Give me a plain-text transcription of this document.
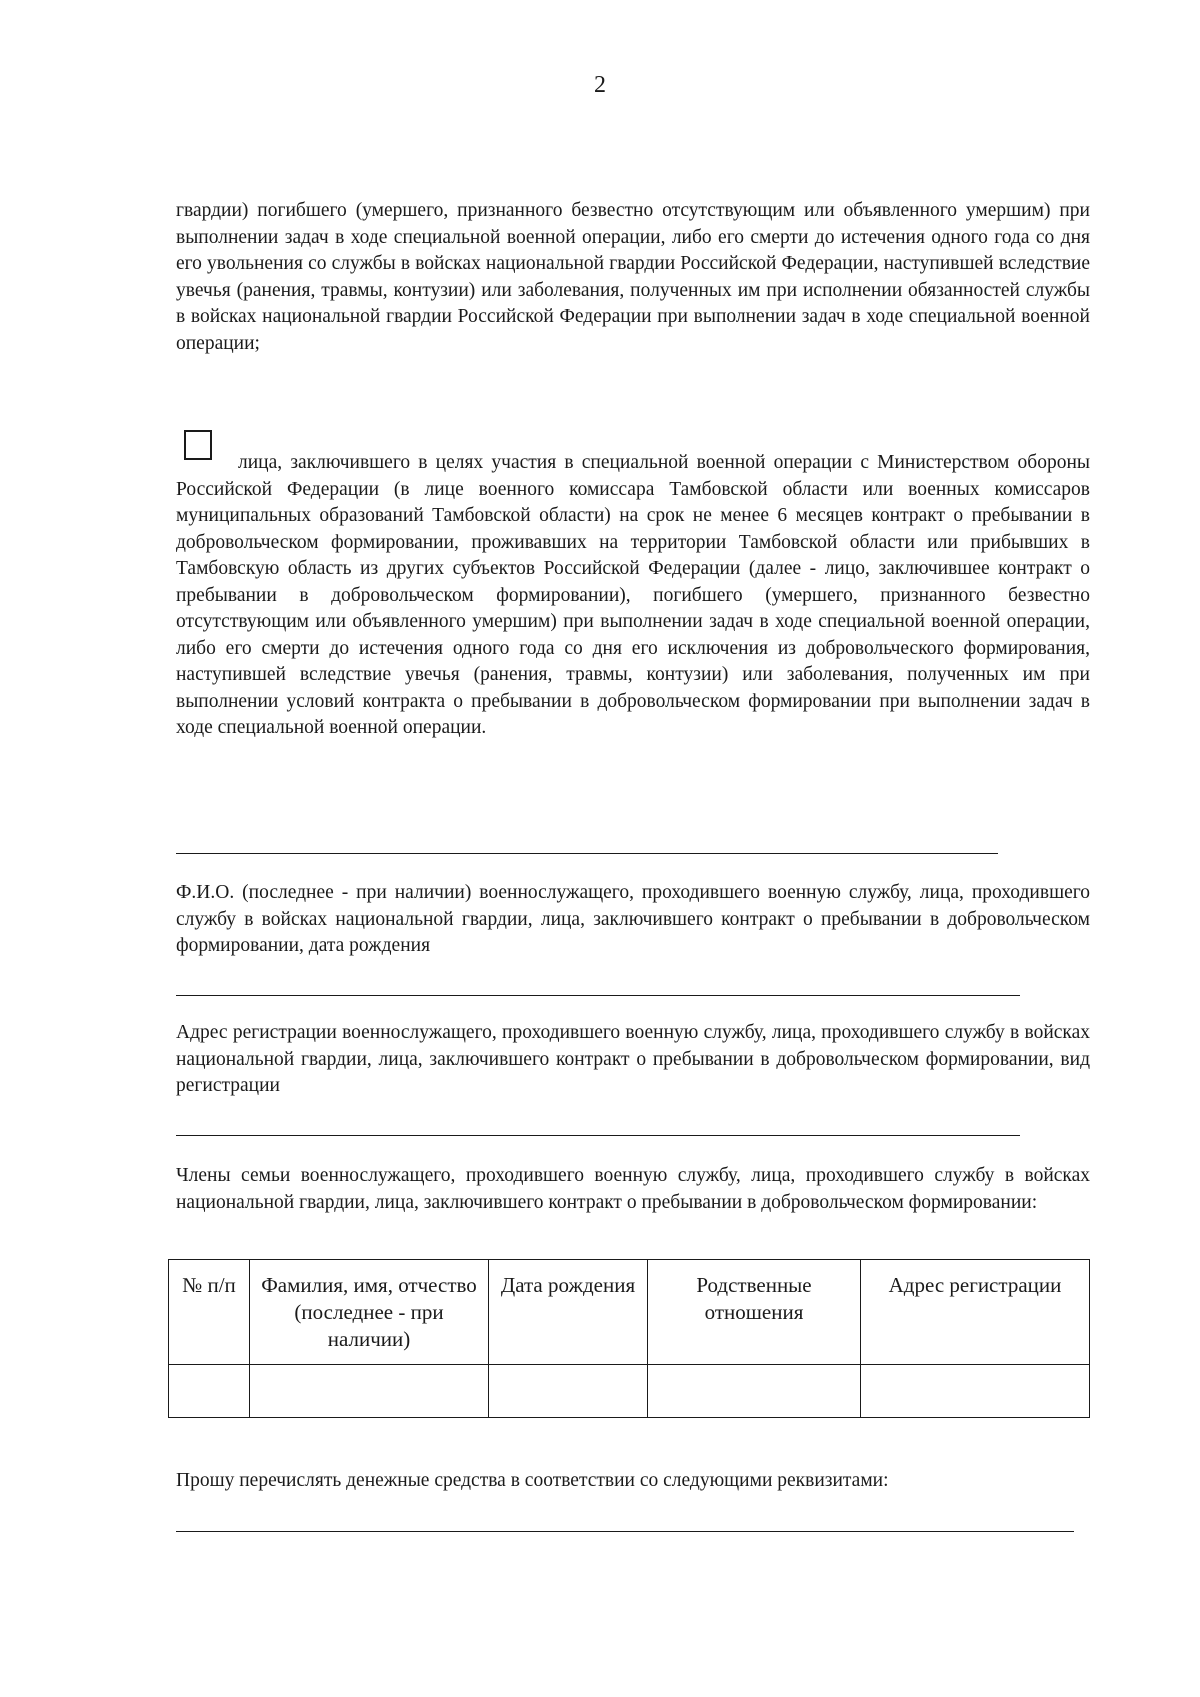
2

гвардии) погибшего (умершего, признанного безвестно отсутствующим или объявленного умершим) при выполнении задач в ходе специальной военной операции, либо его смерти до истечения одного года со дня его увольнения со службы в войсках национальной гвардии Российской Федерации, наступившей вследствие увечья (ранения, травмы, контузии) или заболевания, полученных им при исполнении обязанностей службы в войсках национальной гвардии Российской Федерации при выполнении задач в ходе специальной военной операции;

лица, заключившего в целях участия в специальной военной операции с Министерством обороны Российской Федерации (в лице военного комиссара Тамбовской области или военных комиссаров муниципальных образований Тамбовской области) на срок не менее 6 месяцев контракт о пребывании в добровольческом формировании, проживавших на территории Тамбовской области или прибывших в Тамбовскую область из других субъектов Российской Федерации (далее - лицо, заключившее контракт о пребывании в добровольческом формировании), погибшего (умершего, признанного безвестно отсутствующим или объявленного умершим) при выполнении задач в ходе специальной военной операции, либо его смерти до истечения одного года со дня его исключения из добровольческого формирования, наступившей вследствие увечья (ранения, травмы, контузии) или заболевания, полученных им при выполнении условий контракта о пребывании в добровольческом формировании при выполнении задач в ходе специальной военной операции.

Ф.И.О. (последнее - при наличии) военнослужащего, проходившего военную службу, лица, проходившего службу в войсках национальной гвардии, лица, заключившего контракт о пребывании в добровольческом формировании, дата рождения

Адрес регистрации военнослужащего, проходившего военную службу, лица, проходившего службу в войсках национальной гвардии, лица, заключившего контракт о пребывании в добровольческом формировании, вид регистрации

Члены семьи военнослужащего, проходившего военную службу, лица, проходившего службу в войсках национальной гвардии, лица, заключившего контракт о пребывании в добровольческом формировании:

№ п/п	Фамилия, имя, отчество (последнее - при наличии)	Дата рождения	Родственные отношения	Адрес регистрации

Прошу перечислять денежные средства в соответствии со следующими реквизитами:
